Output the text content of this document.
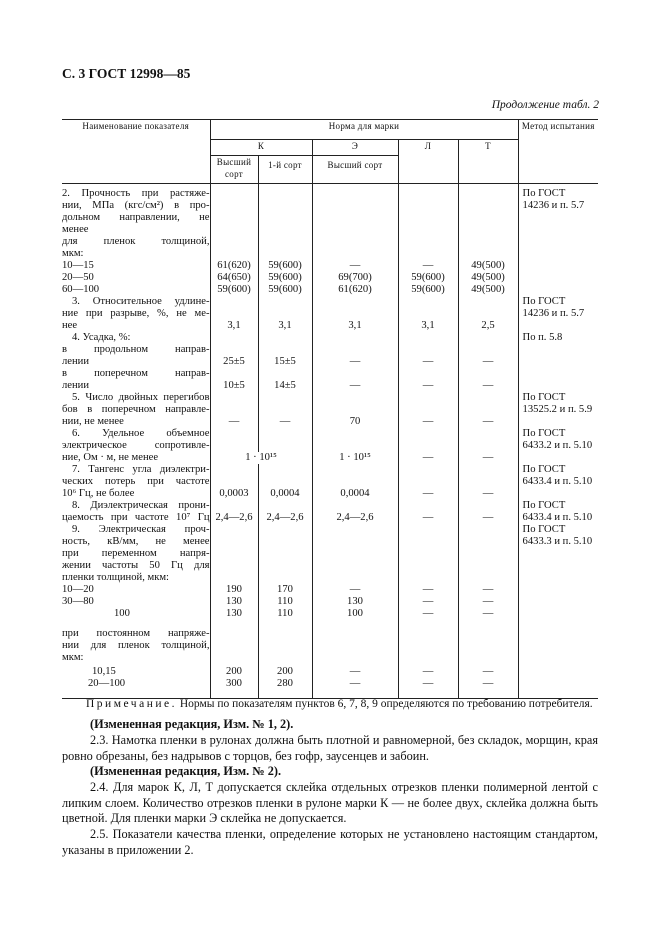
С. 3 ГОСТ 12998—85
Продолжение табл. 2
Наименование показателя	Норма для марки					Метод испытания
	К		Э	Л	Т	
	Высший сорт	1-й сорт	Высший сорт			
2. Прочность при растяже-						По ГОСТ
нии, МПа (кгс/см²) в про-						14236 и п. 5.7
дольном направлении, не						
менее						
для пленок толщиной,						
мкм:						
10—15	61(620)	59(600)	—	—	49(500)	
20—50	64(650)	59(600)	69(700)	59(600)	49(500)	
60—100	59(600)	59(600)	61(620)	59(600)	49(500)	
3. Относительное удлине-						По ГОСТ
ние при разрыве, %, не ме-						14236 и п. 5.7
нее	3,1	3,1	3,1	3,1	2,5	
4. Усадка, %:						По п. 5.8
в продольном направ-						
лении	25±5	15±5	—	—	—	
в поперечном направ-						
лении	10±5	14±5	—	—	—	
5. Число двойных перегибов						По ГОСТ
бов в поперечном направле-						13525.2 и п. 5.9
нии, не менее	—	—	70	—	—	
6. Удельное объемное						По ГОСТ
электрическое сопротивле-						6433.2 и п. 5.10
ние, Ом · м, не менее	1 · 10¹⁵		1 · 10¹⁵	—	—	
7. Тангенс угла диэлектри-						По ГОСТ
ческих потерь при частоте						6433.4 и п. 5.10
10⁶ Гц, не более	0,0003	0,0004	0,0004	—	—	
8. Диэлектрическая прони-						По ГОСТ
цаемость при частоте 10⁷ Гц	2,4—2,6	2,4—2,6	2,4—2,6	—	—	6433.4 и п. 5.10
9. Электрическая проч-						По ГОСТ
ность, кВ/мм, не менее						6433.3 и п. 5.10
при переменном напря-						
жении частоты 50 Гц для						
пленки толщиной, мкм:						
10—20	190	170	—	—	—	
30—80	130	110	130	—	—	
100	130	110	100	—	—	
при постоянном напряже-						
нии для пленок толщиной,						
мкм:						
10,15	200	200	—	—	—	
20—100	300	280	—	—	—	
Примечание. Нормы по показателям пунктов 6, 7, 8, 9 определяются по требованию потребителя.
(Измененная редакция, Изм. № 1, 2).
2.3. Намотка пленки в рулонах должна быть плотной и равномерной, без складок, морщин, края ровно обрезаны, без надрывов с торцов, без гофр, заусенцев и забоин.
(Измененная редакция, Изм. № 2).
2.4. Для марок К, Л, Т допускается склейка отдельных отрезков пленки полимерной лентой с липким слоем. Количество отрезков пленки в рулоне марки К — не более двух, склейка должна быть цветной. Для пленки марки Э склейка не допускается.
2.5. Показатели качества пленки, определение которых не установлено настоящим стандартом, указаны в приложении 2.
